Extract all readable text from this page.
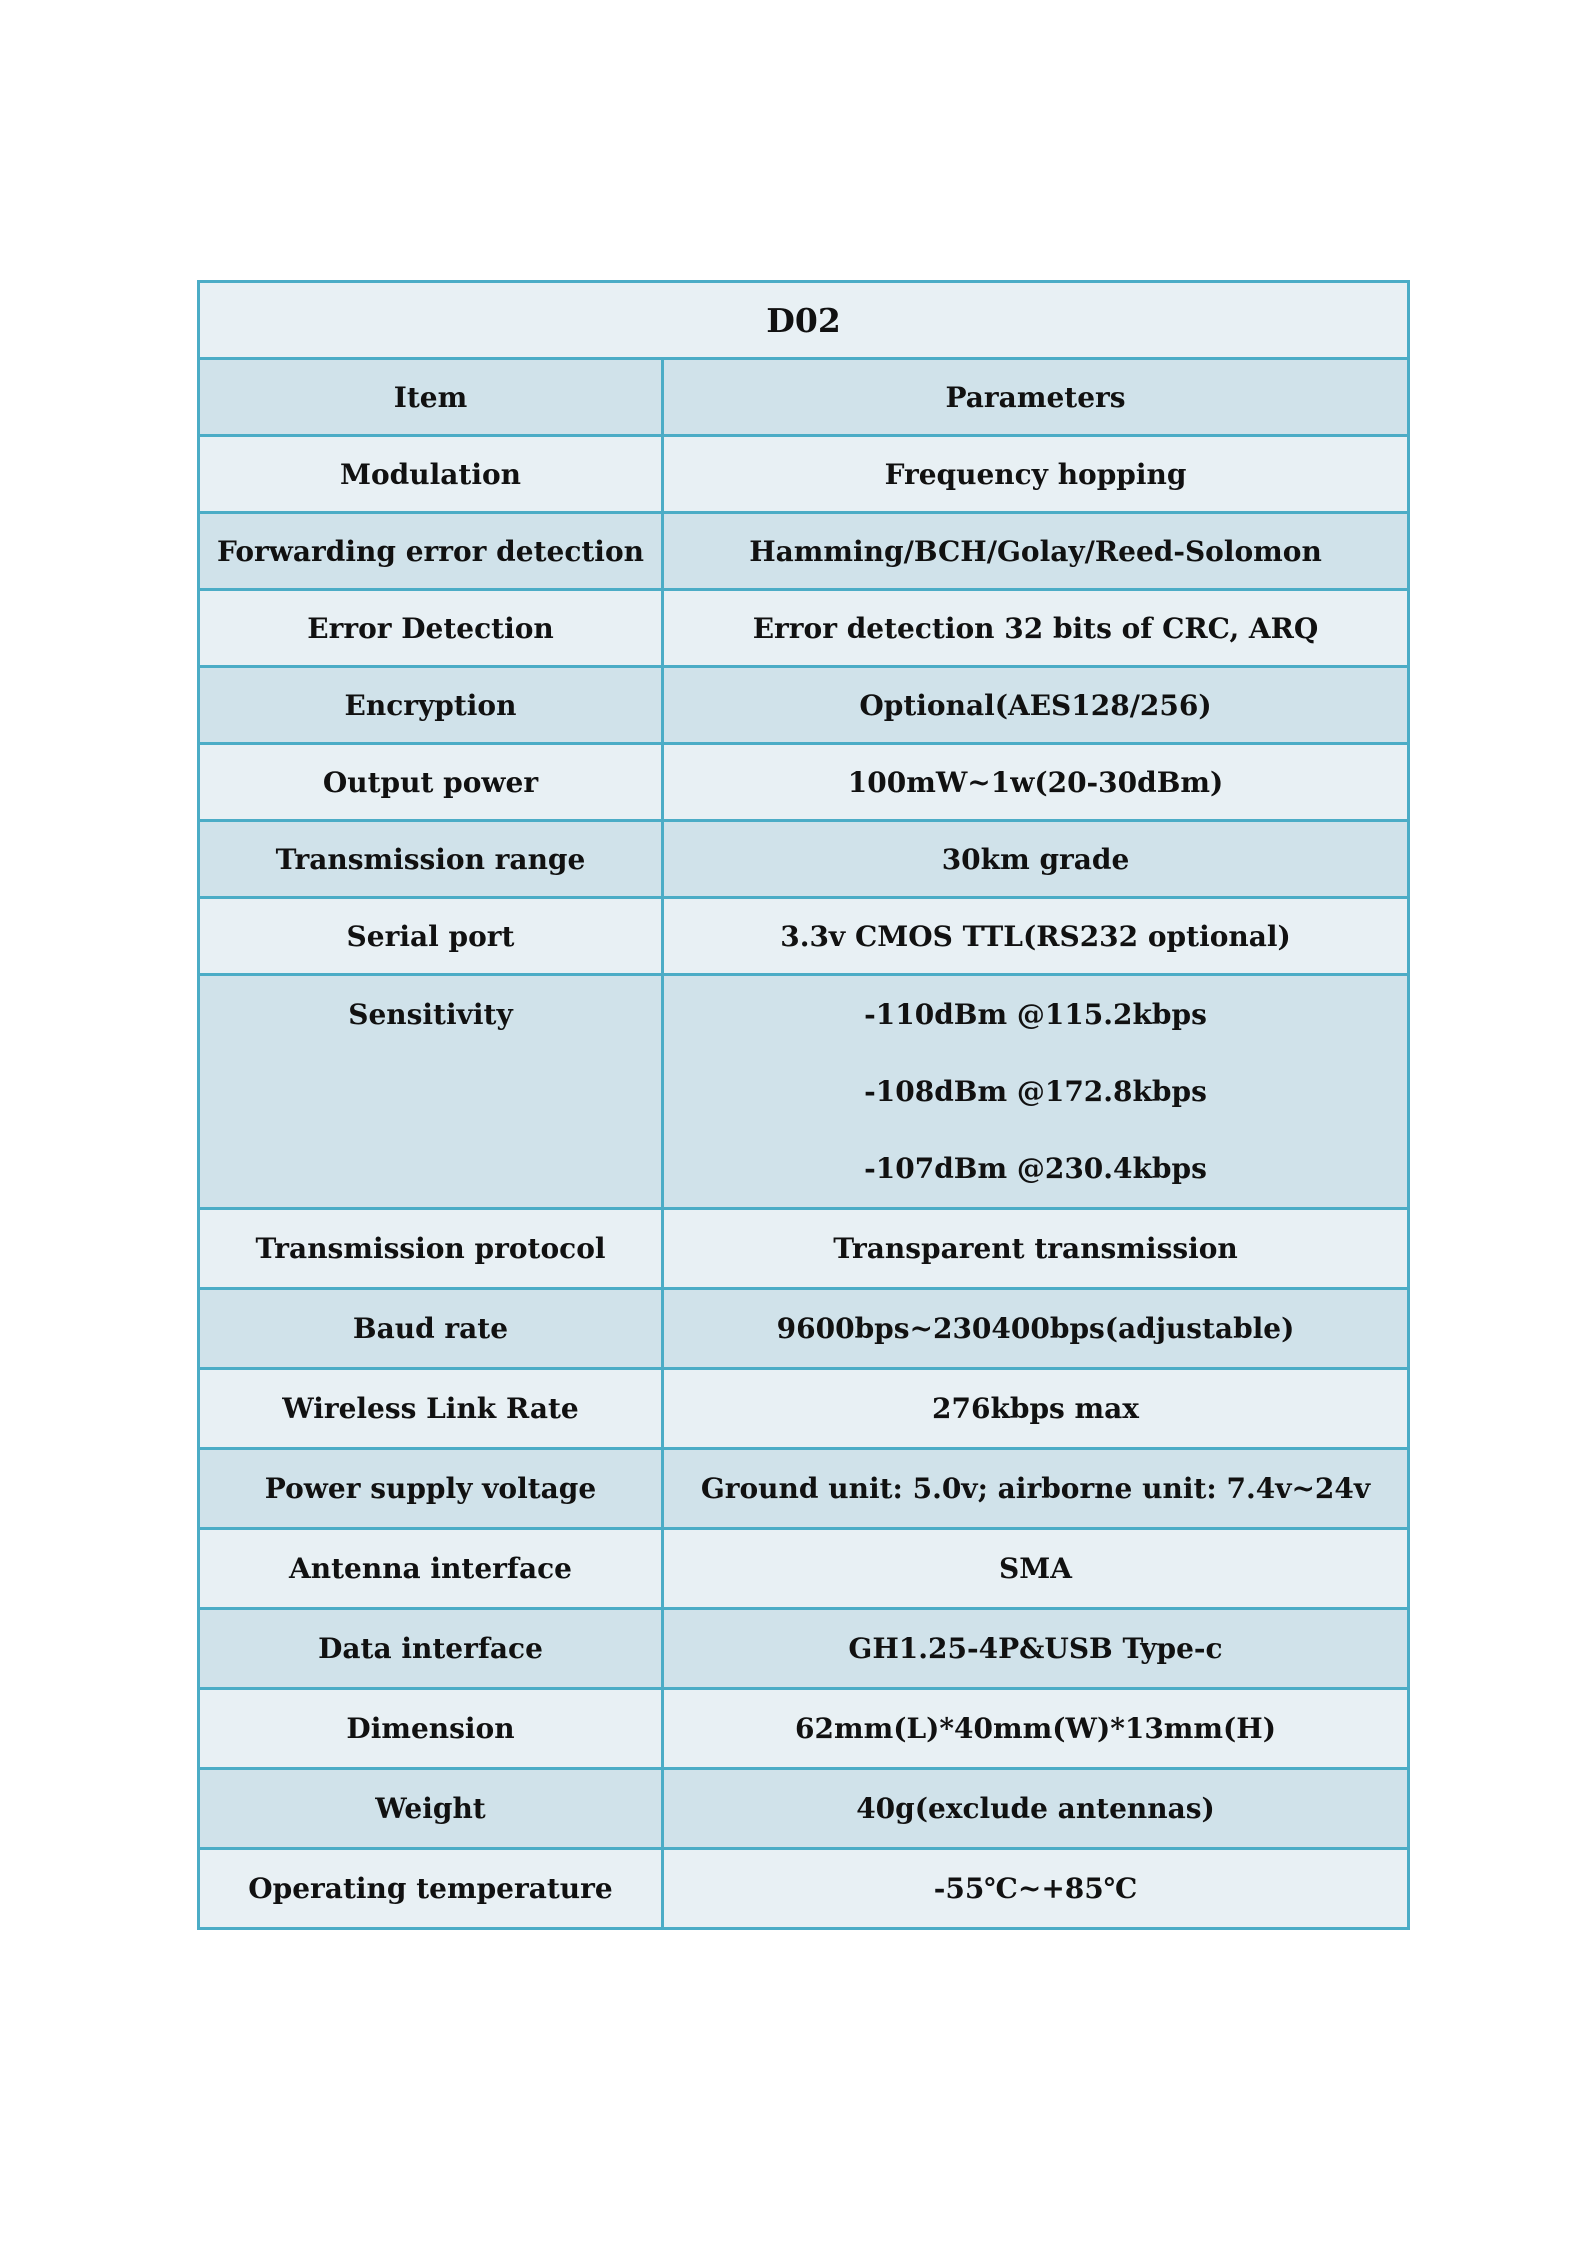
D02	
Item	Parameters
Modulation	Frequency hopping
Forwarding error detection	Hamming/BCH/Golay/Reed-Solomon
Error Detection	Error detection 32 bits of CRC, ARQ
Encryption	Optional(AES128/256)
Output power	100mW~1w(20-30dBm)
Transmission range	30km grade
Serial port	3.3v CMOS TTL(RS232 optional)
Sensitivity	-110dBm @115.2kbps
-108dBm @172.8kbps
-107dBm @230.4kbps

Transmission protocol	Transparent transmission
Baud rate	9600bps~230400bps(adjustable)
Wireless Link Rate	276kbps max
Power supply voltage	Ground unit: 5.0v; airborne unit: 7.4v~24v
Antenna interface	SMA
Data interface	GH1.25-4P&USB Type-c
Dimension	62mm(L)*40mm(W)*13mm(H)
Weight	40g(exclude antennas)
Operating temperature	-55℃~+85℃
